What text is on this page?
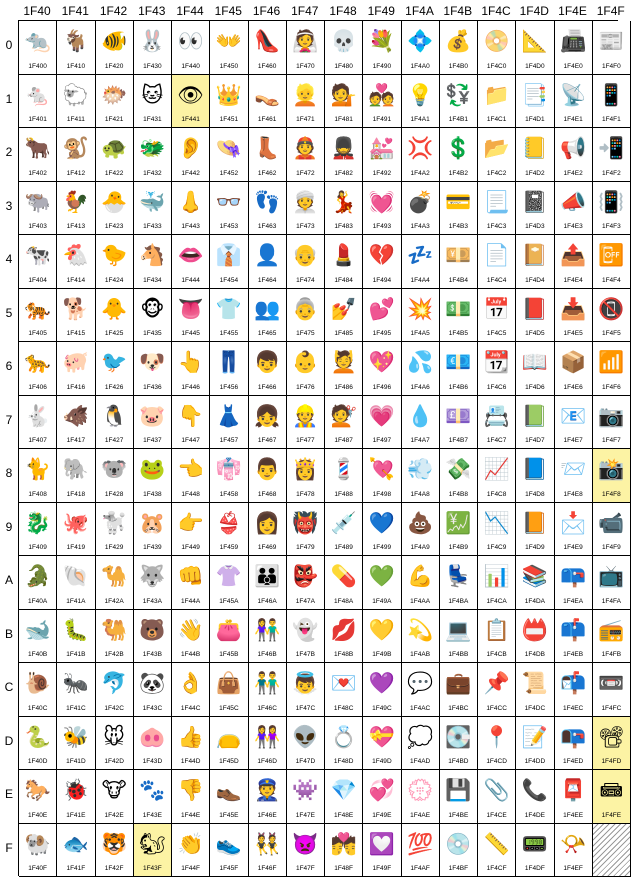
1F40 1F41 1F42 1F43 1F44 1F45 1F46 1F47 1F48 1F49 1F4A 1F4B 1F4C 1F4D 1F4E 1F4F
0
1
2
3
4
5
6
7
8
9
A
B
C
D
E
F
🐀
1F400
🐁
1F401
🐂
1F402
🐃
1F403
🐄
1F404
🐅
1F405
🐆
1F406
🐇
1F407
🐈
1F408
🐉
1F409
🐊
1F40A
🐋
1F40B
🐌
1F40C
🐍
1F40D
🐎
1F40E
🐏
1F40F
🐐
1F410
🐑
1F411
🐒
1F412
🐓
1F413
🐔
1F414
🐕
1F415
🐖
1F416
🐗
1F417
🐘
1F418
🐙
1F419
🐚
1F41A
🐛
1F41B
🐜
1F41C
🐝
1F41D
🐞
1F41E
🐟
1F41F
🐠
1F420
🐡
1F421
🐢
1F422
🐣
1F423
🐤
1F424
🐥
1F425
🐦
1F426
🐧
1F427
🐨
1F428
🐩
1F429
🐪
1F42A
🐫
1F42B
🐬
1F42C
🐭
1F42D
🐮
1F42E
🐯
1F42F
🐰
1F430
🐱
1F431
🐲
1F432
🐳
1F433
🐴
1F434
🐵
1F435
🐶
1F436
🐷
1F437
🐸
1F438
🐹
1F439
🐺
1F43A
🐻
1F43B
🐼
1F43C
🐽
1F43D
🐾
1F43E
🐿
1F43F
👀
1F440
👁
1F441
👂
1F442
👃
1F443
👄
1F444
👅
1F445
👆
1F446
👇
1F447
👈
1F448
👉
1F449
👊
1F44A
👋
1F44B
👌
1F44C
👍
1F44D
👎
1F44E
👏
1F44F
👐
1F450
👑
1F451
👒
1F452
👓
1F453
👔
1F454
👕
1F455
👖
1F456
👗
1F457
👘
1F458
👙
1F459
👚
1F45A
👛
1F45B
👜
1F45C
👝
1F45D
👞
1F45E
👟
1F45F
👠
1F460
👡
1F461
👢
1F462
👣
1F463
👤
1F464
👥
1F465
👦
1F466
👧
1F467
👨
1F468
👩
1F469
👪
1F46A
👫
1F46B
👬
1F46C
👭
1F46D
👮
1F46E
👯
1F46F
👰
1F470
👱
1F471
👲
1F472
👳
1F473
👴
1F474
👵
1F475
👶
1F476
👷
1F477
👸
1F478
👹
1F479
👺
1F47A
👻
1F47B
👼
1F47C
👽
1F47D
👾
1F47E
👿
1F47F
💀
1F480
💁
1F481
💂
1F482
💃
1F483
💄
1F484
💅
1F485
💆
1F486
💇
1F487
💈
1F488
💉
1F489
💊
1F48A
💋
1F48B
💌
1F48C
💍
1F48D
💎
1F48E
💏
1F48F
💐
1F490
💑
1F491
💒
1F492
💓
1F493
💔
1F494
💕
1F495
💖
1F496
💗
1F497
💘
1F498
💙
1F499
💚
1F49A
💛
1F49B
💜
1F49C
💝
1F49D
💞
1F49E
💟
1F49F
💠
1F4A0
💡
1F4A1
💢
1F4A2
💣
1F4A3
💤
1F4A4
💥
1F4A5
💦
1F4A6
💧
1F4A7
💨
1F4A8
💩
1F4A9
💪
1F4AA
💫
1F4AB
💬
1F4AC
💭
1F4AD
💮
1F4AE
💯
1F4AF
💰
1F4B0
💱
1F4B1
💲
1F4B2
💳
1F4B3
💴
1F4B4
💵
1F4B5
💶
1F4B6
💷
1F4B7
💸
1F4B8
💹
1F4B9
💺
1F4BA
💻
1F4BB
💼
1F4BC
💽
1F4BD
💾
1F4BE
💿
1F4BF
📀
1F4C0
📁
1F4C1
📂
1F4C2
📃
1F4C3
📄
1F4C4
📅
1F4C5
📆
1F4C6
📇
1F4C7
📈
1F4C8
📉
1F4C9
📊
1F4CA
📋
1F4CB
📌
1F4CC
📍
1F4CD
📎
1F4CE
📏
1F4CF
📐
1F4D0
📑
1F4D1
📒
1F4D2
📓
1F4D3
📔
1F4D4
📕
1F4D5
📖
1F4D6
📗
1F4D7
📘
1F4D8
📙
1F4D9
📚
1F4DA
📛
1F4DB
📜
1F4DC
📝
1F4DD
📞
1F4DE
📟
1F4DF
📠
1F4E0
📡
1F4E1
📢
1F4E2
📣
1F4E3
📤
1F4E4
📥
1F4E5
📦
1F4E6
📧
1F4E7
📨
1F4E8
📩
1F4E9
📪
1F4EA
📫
1F4EB
📬
1F4EC
📭
1F4ED
📮
1F4EE
📯
1F4EF
📰
1F4F0
📱
1F4F1
📲
1F4F2
📳
1F4F3
📴
1F4F4
📵
1F4F5
📶
1F4F6
📷
1F4F7
📸
1F4F8
📹
1F4F9
📺
1F4FA
📻
1F4FB
📼
1F4FC
📽
1F4FD
📾
1F4FE
